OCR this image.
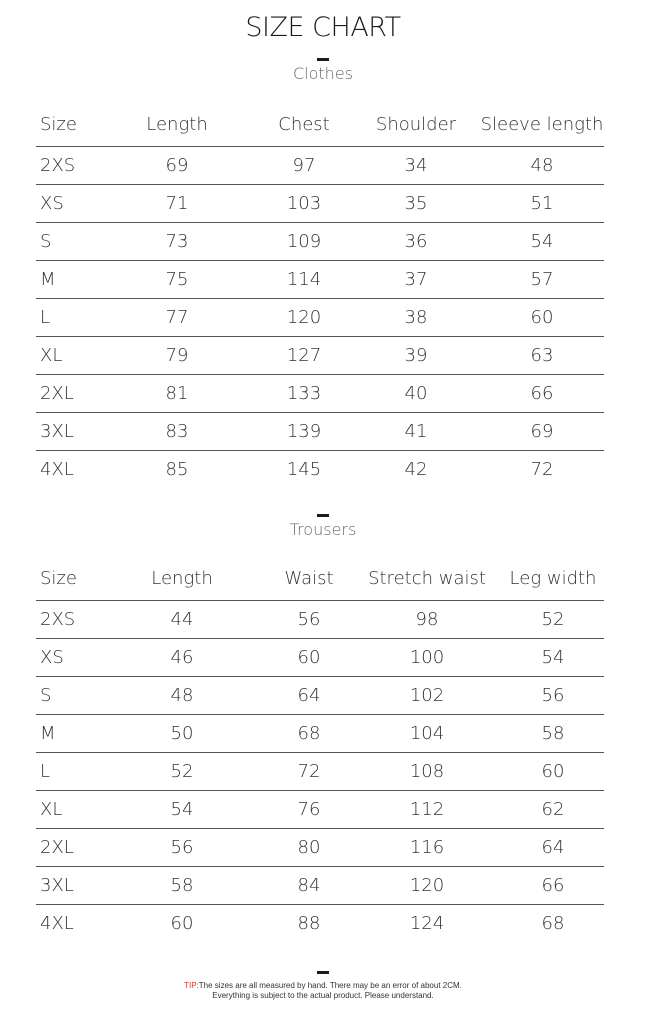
SIZE CHART
Clothes
Size	Length	Chest	Shoulder	Sleeve length
2XS	69	97	34	48
XS	71	103	35	51
S	73	109	36	54
M	75	114	37	57
L	77	120	38	60
XL	79	127	39	63
2XL	81	133	40	66
3XL	83	139	41	69
4XL	85	145	42	72
Trousers
Size	Length	Waist	Stretch waist	Leg width
2XS	44	56	98	52
XS	46	60	100	54
S	48	64	102	56
M	50	68	104	58
L	52	72	108	60
XL	54	76	112	62
2XL	56	80	116	64
3XL	58	84	120	66
4XL	60	88	124	68
TIP:The sizes are all measured by hand. There may be an error of about 2CM.
Everything is subject to the actual product. Please understand.
